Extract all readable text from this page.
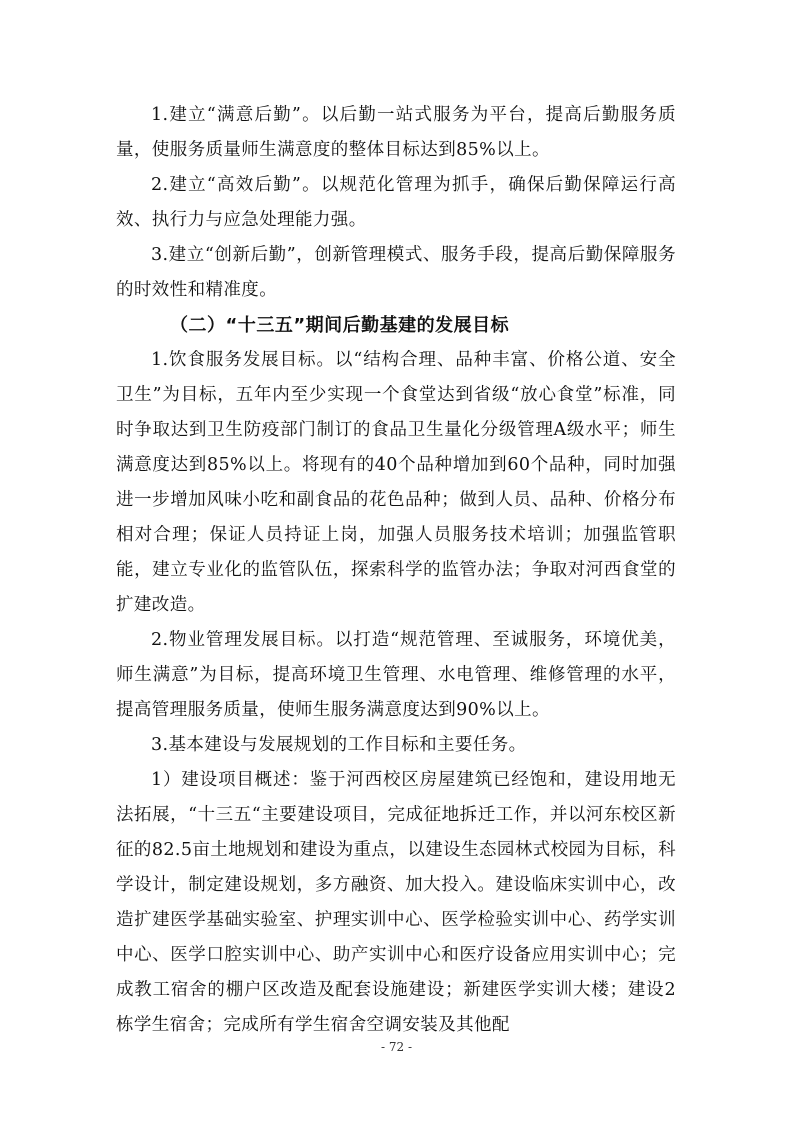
1.建立“满意后勤”。以后勤一站式服务为平台，提高后勤服务质量，使服务质量师生满意度的整体目标达到85%以上。

2.建立“高效后勤”。以规范化管理为抓手，确保后勤保障运行高效、执行力与应急处理能力强。

3.建立“创新后勤”，创新管理模式、服务手段，提高后勤保障服务的时效性和精准度。

（二）“十三五”期间后勤基建的发展目标

1.饮食服务发展目标。以“结构合理、品种丰富、价格公道、安全卫生”为目标，五年内至少实现一个食堂达到省级“放心食堂”标准，同时争取达到卫生防疫部门制订的食品卫生量化分级管理A级水平；师生满意度达到85%以上。将现有的40个品种增加到60个品种，同时加强进一步增加风味小吃和副食品的花色品种；做到人员、品种、价格分布相对合理；保证人员持证上岗，加强人员服务技术培训；加强监管职能，建立专业化的监管队伍，探索科学的监管办法；争取对河西食堂的扩建改造。

2.物业管理发展目标。以打造“规范管理、至诚服务，环境优美，师生满意”为目标，提高环境卫生管理、水电管理、维修管理的水平，提高管理服务质量，使师生服务满意度达到90%以上。

3.基本建设与发展规划的工作目标和主要任务。

1）建设项目概述：鉴于河西校区房屋建筑已经饱和，建设用地无法拓展，“十三五“主要建设项目，完成征地拆迁工作，并以河东校区新征的82.5亩土地规划和建设为重点，以建设生态园林式校园为目标，科学设计，制定建设规划，多方融资、加大投入。建设临床实训中心，改造扩建医学基础实验室、护理实训中心、医学检验实训中心、药学实训中心、医学口腔实训中心、助产实训中心和医疗设备应用实训中心；完成教工宿舍的棚户区改造及配套设施建设；新建医学实训大楼；建设2栋学生宿舍；完成所有学生宿舍空调安装及其他配

- 72 -
